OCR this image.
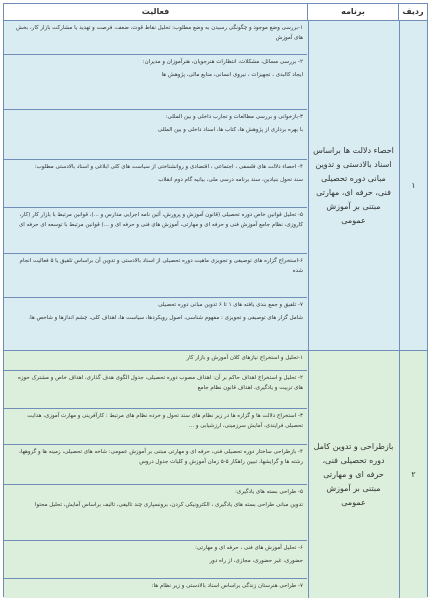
ردیف
برنامه
فعالیت
۱
احصاء دلالت ها براساس اسناد بالادستی و تدوین مبانی دوره تحصیلی فنی، حرفه ای، مهارتی مبتنی بر آموزش عمومی

۱-بررسی وضع موجود و چگونگی رسیدن به وضع مطلوب: تحلیل نقاط قوت، ضعف، فرصت و تهدید یا مشارکت بازار کار، بخش های آموزش

۲- بررسی مسائل، مشکلات، انتظارات هنرجویان، هنرآموزان و مدیران:

ایجاد کالبدی ، تجهیزات ، نیروی انسانی، منابع مالی، پژوهش ها

۳-بازخوانی و بررسی مطالعات و تجارب داخلی و بین المللی:

با بهره برداری از پژوهش ها، کتاب ها، اسناد داخلی و بین المللی

۴- احصاء دلالت های فلسفی ، اجتماعی ، اقتصادی و روانشناختی از سیاست های کلی ابلاغی و اسناد بالادستی مطلوب:

سند تحول بنیادین، سند برنامه درسی ملی، بیانیه گام دوم انقلاب

۵- تحلیل قوانین خاص دوره تحصیلی (قانون آموزش و پرورش، آئین نامه اجرایی مدارس و ...)، قوانین مرتبط با بازار کار (کار، کاروزی، نظام جامع آموزش فنی و حرفه ای و مهارتی، آموزش های فنی و حرفه ای و ...) قوانین مرتبط با توسعه ای حرفه ای

۶-استخراج گزاره های توصیفی و تجویزی ماهیت دوره تحصیلی از اسناد بالادستی و تدوین آن براساس تلفیق یا ۵ فعالیت انجام شده

۷- تلفیق و جمع بندی یافته های ۱ تا ۶ تدوین مبانی دوره تحصیلی

شامل گزار های توصیفی و تجویزی : مفهوم شناسی، اصول رویکردها، سیاست ها، اهداف کلی، چشم اندازها و شاخص ها.

۲
بازطراحی و تدوین کامل دوره تحصیلی فنی، حرفه ای و مهارتی مبتنی بر آموزش عمومی

۱-تحلیل و استخراج نیازهای کلان آموزش و بازار کار

۲- تحلیل و استخراج اهداف حاکم بر آن: اهداف مصوب دوره تحصیلی، جدول الگوی هدف گذاری، اهداف خاص و مشترک حوزه های تربیت و یادگیری، اهداف قانون نظام جامع

۳- استخراج دلالت ها و گزاره ها در زیر نظام های سند تحول و خرده نظام های مرتبط : کارآفرینی و مهارت آموزی، هدایت تحصیلی فرایندی، آمایش سرزمینی، ارزشیابی و ...

۴- بازطراحی ساختار دوره تحصیلی فنی، حرفه ای و مهارتی مبتنی بر آموزش عمومی: شاخه های تحصیلی، زمینه ها و گروهها، رشته ها و گرایشها، تبیین راهکار ۵-۵ زمان آموزش و کلیات جدول دروس

۵- طراحی بسته های یادگیری:

تدوین مبانی طراحی بسته های یادگیری ، الکترونیکی کردن، برونسپاری چند تالیفی، تالیف براساس آمایش، تحلیل محتوا

۶- تحلیل آموزش های فنی ، حرفه ای و مهارتی:

حضوری، غیر حضوری، مجازی، از راه دور

۷- طراحی هنرستان زندگی براساس اسناد بالادستی و زیر نظام ها:
